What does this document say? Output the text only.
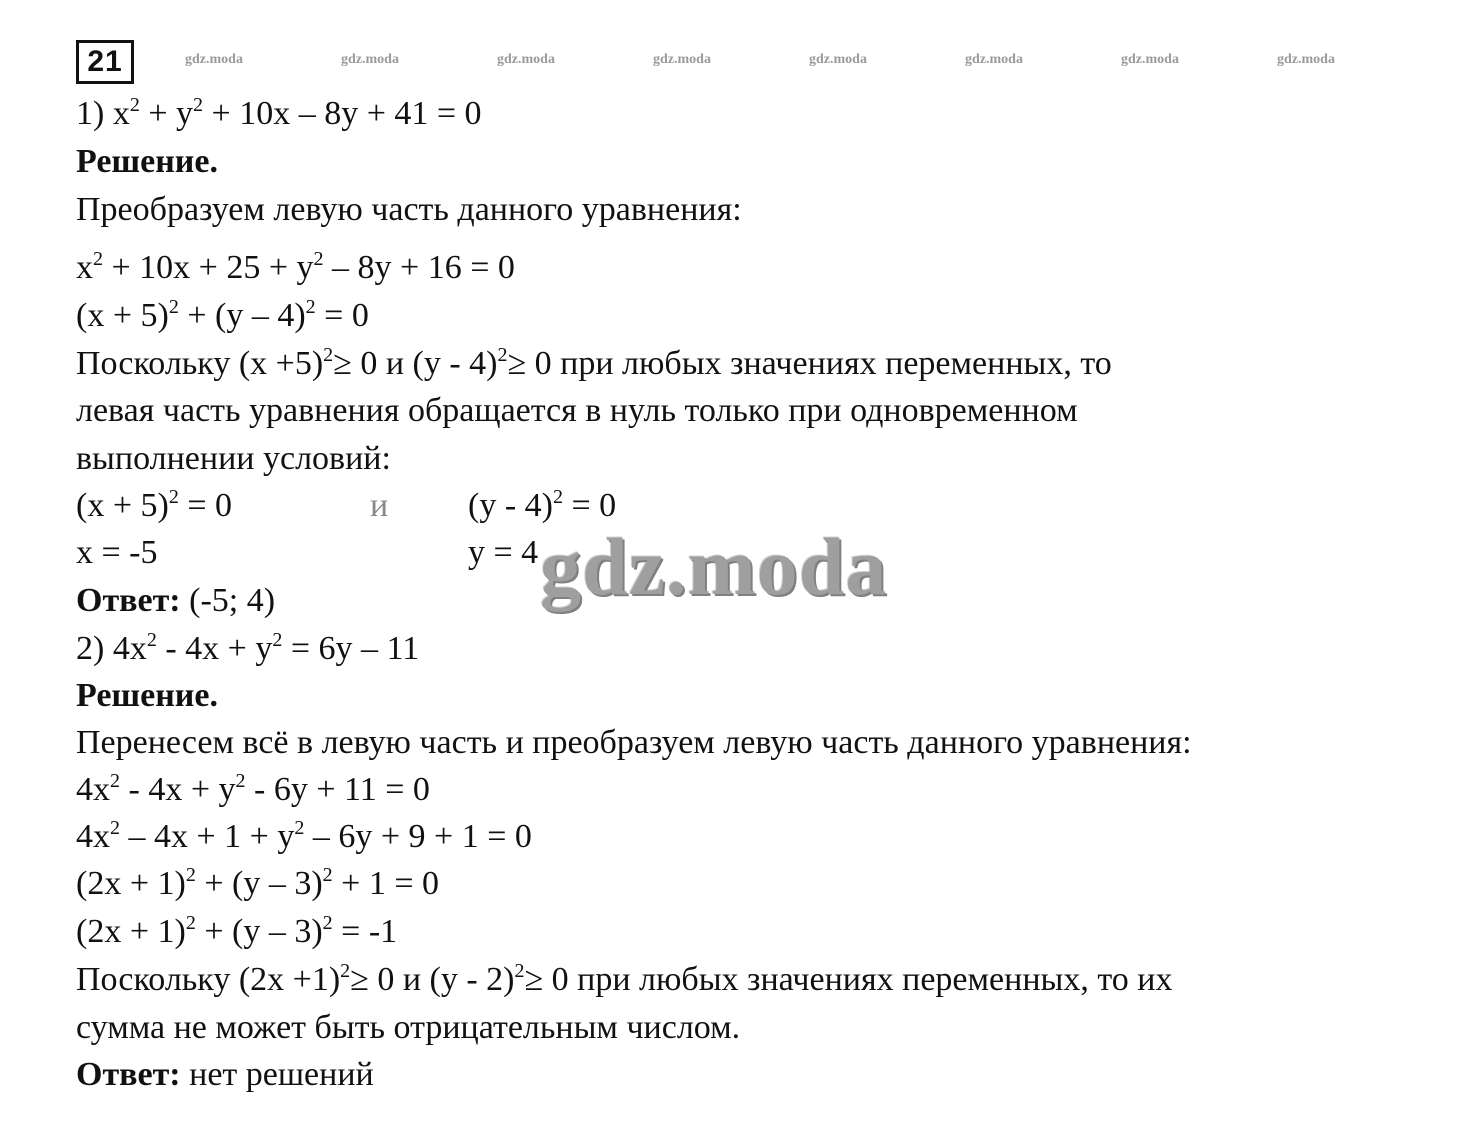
21	gdz.moda	gdz.moda	gdz.moda	gdz.moda	gdz.moda	gdz.moda	gdz.moda	gdz.moda
1) $x^2 + y^2 + 10x - 8y + 41 = 0$
Решение.
Преобразуем левую часть данного уравнения:
$x^2 + 10x + 25 + y^2 - 8y + 16 = 0$
$(x + 5)^2 + (y - 4)^2 = 0$
Поскольку $(x +5)^2\ge 0$ и (y - 4)$^2$≥ 0 при любых значениях переменных, то
левая часть уравнения обращается в нуль только при одновременном
выполнении условий:
$(x + 5)^2 = 0$	и (y - 4)$^2$ = 0
x = -5	y = 4
Ответ: (-5; 4)
2) $4x^2 - 4x + y^2 = 6y - 11$
Решение.
Перенесем всё в левую часть и преобразуем левую часть данного уравнения:
$4x^2 - 4x + y^2 - 6y + 11 = 0$
$4x^2 - 4x + 1 + y^2 - 6y + 9 + 1 = 0$
$(2x + 1)^2 + (y - 3)^2 + 1 = 0$
$(2x + 1)^2 + (y - 3)^2 = -1$
Поскольку $(2x +1)^2\ge 0$ и (y - 2)$^2$≥ 0 при любых значениях переменных, то их
сумма не может быть отрицательным числом.
Ответ: нет решений
gdz.moda
